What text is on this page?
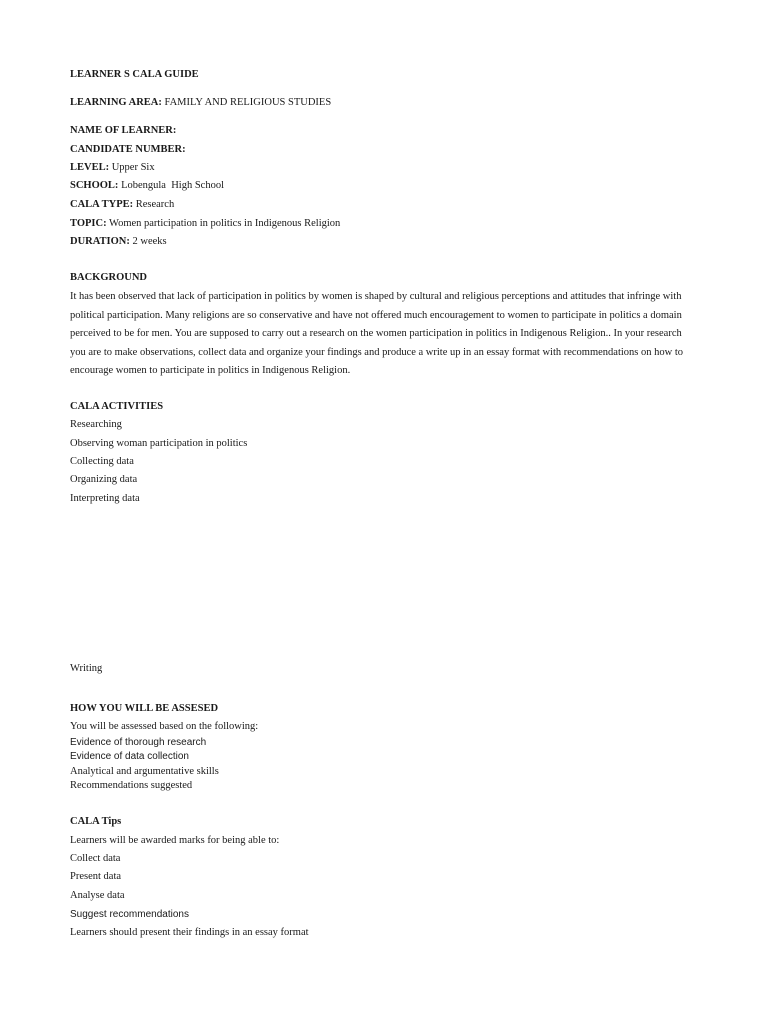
LEARNER S CALA GUIDE
LEARNING AREA: FAMILY AND RELIGIOUS STUDIES
NAME OF LEARNER:
CANDIDATE NUMBER:
LEVEL: Upper Six
SCHOOL: Lobengula  High School
CALA TYPE: Research
TOPIC: Women participation in politics in Indigenous Religion
DURATION: 2 weeks
BACKGROUND
It has been observed that lack of participation in politics by women is shaped by cultural and religious perceptions and attitudes that infringe with political participation. Many religions are so conservative and have not offered much encouragement to women to participate in politics a domain perceived to be for men. You are supposed to carry out a research on the women participation in politics in Indigenous Religion.. In your research you are to make observations, collect data and organize your findings and produce a write up in an essay format with recommendations on how to encourage women to participate in politics in Indigenous Religion.
CALA ACTIVITIES
Researching
Observing woman participation in politics
Collecting data
Organizing data
Interpreting data
Writing
HOW YOU WILL BE ASSESED
You will be assessed based on the following:
Evidence of thorough research
Evidence of data collection
Analytical and argumentative skills
Recommendations suggested
CALA Tips
Learners will be awarded marks for being able to:
Collect data
Present data
Analyse data
Suggest recommendations
Learners should present their findings in an essay format
